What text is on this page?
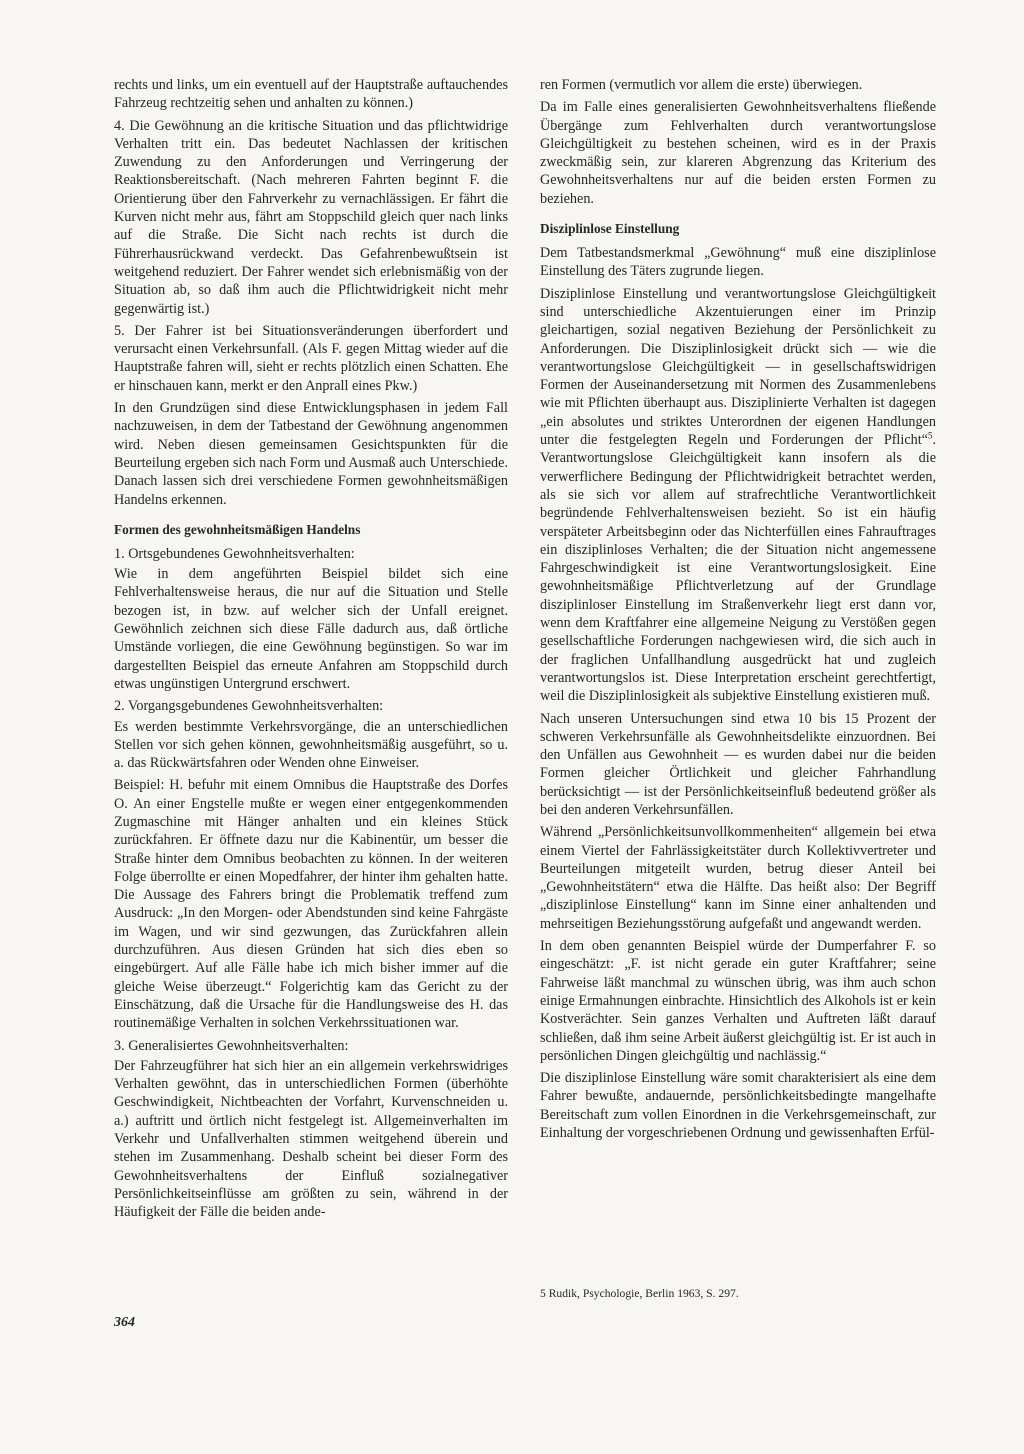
rechts und links, um ein eventuell auf der Hauptstraße auftauchendes Fahrzeug rechtzeitig sehen und anhalten zu können.)

4. Die Gewöhnung an die kritische Situation und das pflichtwidrige Verhalten tritt ein. Das bedeutet Nachlassen der kritischen Zuwendung zu den Anforderungen und Verringerung der Reaktionsbereitschaft. (Nach mehreren Fahrten beginnt F. die Orientierung über den Fahrverkehr zu vernachlässigen. Er fährt die Kurven nicht mehr aus, fährt am Stoppschild gleich quer nach links auf die Straße. Die Sicht nach rechts ist durch die Führerhausrückwand verdeckt. Das Gefahrenbewußtsein ist weitgehend reduziert. Der Fahrer wendet sich erlebnismäßig von der Situation ab, so daß ihm auch die Pflichtwidrigkeit nicht mehr gegenwärtig ist.)

5. Der Fahrer ist bei Situationsveränderungen überfordert und verursacht einen Verkehrsunfall. (Als F. gegen Mittag wieder auf die Hauptstraße fahren will, sieht er rechts plötzlich einen Schatten. Ehe er hinschauen kann, merkt er den Anprall eines Pkw.)

In den Grundzügen sind diese Entwicklungsphasen in jedem Fall nachzuweisen, in dem der Tatbestand der Gewöhnung angenommen wird. Neben diesen gemeinsamen Gesichtspunkten für die Beurteilung ergeben sich nach Form und Ausmaß auch Unterschiede. Danach lassen sich drei verschiedene Formen gewohnheitsmäßigen Handelns erkennen.

Formen des gewohnheitsmäßigen Handelns

1. Ortsgebundenes Gewohnheitsverhalten:

Wie in dem angeführten Beispiel bildet sich eine Fehlverhaltensweise heraus, die nur auf die Situation und Stelle bezogen ist, in bzw. auf welcher sich der Unfall ereignet. Gewöhnlich zeichnen sich diese Fälle dadurch aus, daß örtliche Umstände vorliegen, die eine Gewöhnung begünstigen. So war im dargestellten Beispiel das erneute Anfahren am Stoppschild durch etwas ungünstigen Untergrund erschwert.

2. Vorgangsgebundenes Gewohnheitsverhalten:

Es werden bestimmte Verkehrsvorgänge, die an unterschiedlichen Stellen vor sich gehen können, gewohnheitsmäßig ausgeführt, so u. a. das Rückwärtsfahren oder Wenden ohne Einweiser.

Beispiel: H. befuhr mit einem Omnibus die Hauptstraße des Dorfes O. An einer Engstelle mußte er wegen einer entgegenkommenden Zugmaschine mit Hänger anhalten und ein kleines Stück zurückfahren. Er öffnete dazu nur die Kabinentür, um besser die Straße hinter dem Omnibus beobachten zu können. In der weiteren Folge überrollte er einen Mopedfahrer, der hinter ihm gehalten hatte. Die Aussage des Fahrers bringt die Problematik treffend zum Ausdruck: „In den Morgen- oder Abendstunden sind keine Fahrgäste im Wagen, und wir sind gezwungen, das Zurückfahren allein durchzuführen. Aus diesen Gründen hat sich dies eben so eingebürgert. Auf alle Fälle habe ich mich bisher immer auf die gleiche Weise überzeugt.“ Folgerichtig kam das Gericht zu der Einschätzung, daß die Ursache für die Handlungsweise des H. das routinemäßige Verhalten in solchen Verkehrssituationen war.

3. Generalisiertes Gewohnheitsverhalten:

Der Fahrzeugführer hat sich hier an ein allgemein verkehrswidriges Verhalten gewöhnt, das in unterschiedlichen Formen (überhöhte Geschwindigkeit, Nichtbeachten der Vorfahrt, Kurvenschneiden u. a.) auftritt und örtlich nicht festgelegt ist. Allgemeinverhalten im Verkehr und Unfallverhalten stimmen weitgehend überein und stehen im Zusammenhang. Deshalb scheint bei dieser Form des Gewohnheitsverhaltens der Einfluß sozialnegativer Persönlichkeitseinflüsse am größten zu sein, während in der Häufigkeit der Fälle die beiden ande-

ren Formen (vermutlich vor allem die erste) überwiegen.

Da im Falle eines generalisierten Gewohnheitsverhaltens fließende Übergänge zum Fehlverhalten durch verantwortungslose Gleichgültigkeit zu bestehen scheinen, wird es in der Praxis zweckmäßig sein, zur klareren Abgrenzung das Kriterium des Gewohnheitsverhaltens nur auf die beiden ersten Formen zu beziehen.

Disziplinlose Einstellung

Dem Tatbestandsmerkmal „Gewöhnung“ muß eine disziplinlose Einstellung des Täters zugrunde liegen.

Disziplinlose Einstellung und verantwortungslose Gleichgültigkeit sind unterschiedliche Akzentuierungen einer im Prinzip gleichartigen, sozial negativen Beziehung der Persönlichkeit zu Anforderungen. Die Disziplinlosigkeit drückt sich — wie die verantwortungslose Gleichgültigkeit — in gesellschaftswidrigen Formen der Auseinandersetzung mit Normen des Zusammenlebens wie mit Pflichten überhaupt aus. Disziplinierte Verhalten ist dagegen „ein absolutes und striktes Unterordnen der eigenen Handlungen unter die festgelegten Regeln und Forderungen der Pflicht“$^5$. Verantwortungslose Gleichgültigkeit kann insofern als die verwerflichere Bedingung der Pflichtwidrigkeit betrachtet werden, als sie sich vor allem auf strafrechtliche Verantwortlichkeit begründende Fehlverhaltensweisen bezieht. So ist ein häufig verspäteter Arbeitsbeginn oder das Nichterfüllen eines Fahrauftrages ein disziplinloses Verhalten; die der Situation nicht angemessene Fahrgeschwindigkeit ist eine Verantwortungslosigkeit. Eine gewohnheitsmäßige Pflichtverletzung auf der Grundlage disziplinloser Einstellung im Straßenverkehr liegt erst dann vor, wenn dem Kraftfahrer eine allgemeine Neigung zu Verstößen gegen gesellschaftliche Forderungen nachgewiesen wird, die sich auch in der fraglichen Unfallhandlung ausgedrückt hat und zugleich verantwortungslos ist. Diese Interpretation erscheint gerechtfertigt, weil die Disziplinlosigkeit als subjektive Einstellung existieren muß.

Nach unseren Untersuchungen sind etwa 10 bis 15 Prozent der schweren Verkehrsunfälle als Gewohnheitsdelikte einzuordnen. Bei den Unfällen aus Gewohnheit — es wurden dabei nur die beiden Formen gleicher Örtlichkeit und gleicher Fahrhandlung berücksichtigt — ist der Persönlichkeitseinfluß bedeutend größer als bei den anderen Verkehrsunfällen.

Während „Persönlichkeitsunvollkommenheiten“ allgemein bei etwa einem Viertel der Fahrlässigkeitstäter durch Kollektivvertreter und Beurteilungen mitgeteilt wurden, betrug dieser Anteil bei „Gewohnheitstätern“ etwa die Hälfte. Das heißt also: Der Begriff „disziplinlose Einstellung“ kann im Sinne einer anhaltenden und mehrseitigen Beziehungsstörung aufgefaßt und angewandt werden.

In dem oben genannten Beispiel würde der Dumperfahrer F. so eingeschätzt: „F. ist nicht gerade ein guter Kraftfahrer; seine Fahrweise läßt manchmal zu wünschen übrig, was ihm auch schon einige Ermahnungen einbrachte. Hinsichtlich des Alkohols ist er kein Kostverächter. Sein ganzes Verhalten und Auftreten läßt darauf schließen, daß ihm seine Arbeit äußerst gleichgültig ist. Er ist auch in persönlichen Dingen gleichgültig und nachlässig.“

Die disziplinlose Einstellung wäre somit charakterisiert als eine dem Fahrer bewußte, andauernde, persönlichkeitsbedingte mangelhafte Bereitschaft zum vollen Einordnen in die Verkehrsgemeinschaft, zur Einhaltung der vorgeschriebenen Ordnung und gewissenhaften Erfül-

5 Rudik, Psychologie, Berlin 1963, S. 297.

364
